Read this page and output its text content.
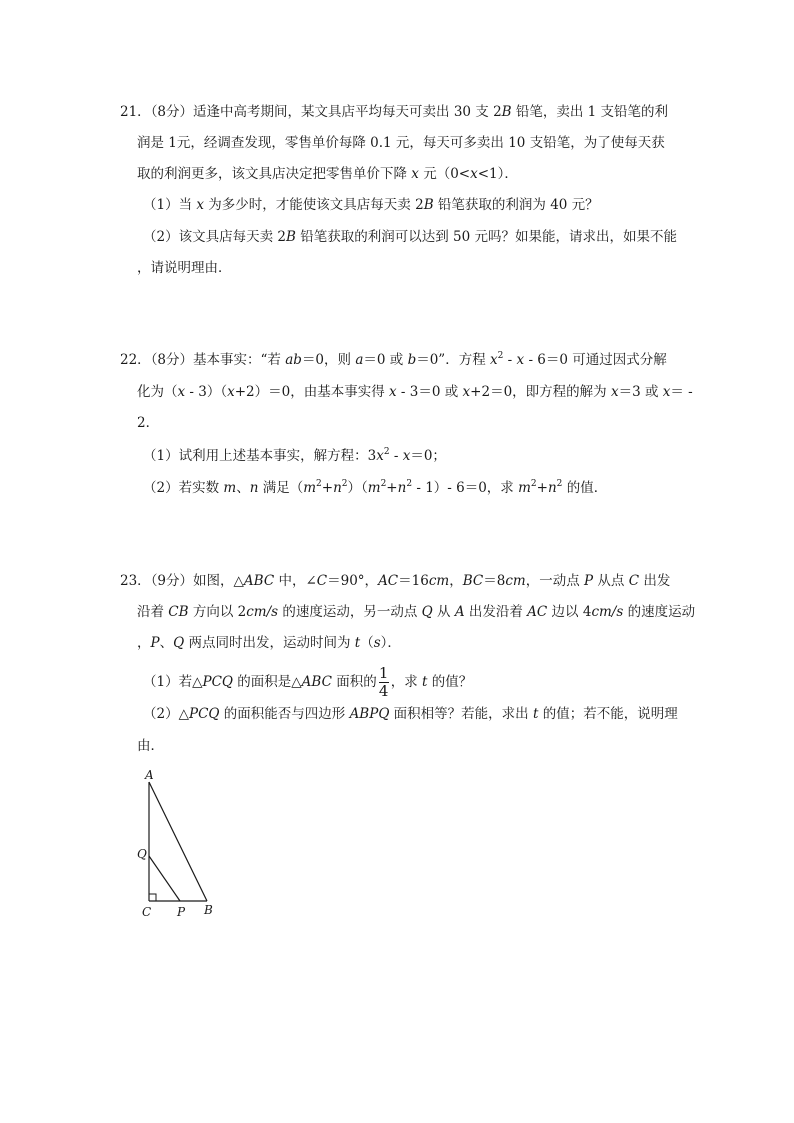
21．（8分）适逢中高考期间，某文具店平均每天可卖出 30 支 2B 铅笔，卖出 1 支铅笔的利
润是 1元，经调查发现，零售单价每降 0.1 元，每天可多卖出 10 支铅笔，为了使每天获
取的利润更多，该文具店决定把零售单价下降 x 元（0<x<1）．
（1）当 x 为多少时，才能使该文具店每天卖 2B 铅笔获取的利润为 40 元？
（2）该文具店每天卖 2B 铅笔获取的利润可以达到 50 元吗？如果能，请求出，如果不能
，请说明理由．
22．（8分）基本事实：“若 ab＝0，则 a＝0 或 b＝0”．方程 $x^2 - x - 6=0$ 可通过因式分解
化为（x - 3）（x+2）＝0，由基本事实得 x - 3＝0 或 x+2＝0，即方程的解为 x＝3 或 x＝ -
2．
（1）试利用上述基本事实，解方程：$3x^2 - x=0$；
（2）若实数 m、n 满足$(m^2+n^2)(m^2+n^2 - 1)-$ 6＝0，求 $m^2+n^2$ 的值．
23．（9分）如图，△ABC 中，∠C＝90°，AC＝16cm，BC＝8cm，一动点 P 从点 C 出发
沿着 CB 方向以 2cm/s 的速度运动，另一动点 Q 从 A 出发沿着 AC 边以 4cm/s 的速度运动
，P、Q 两点同时出发，运动时间为 t（s）．
（1）若△PCQ 的面积是△ABC 面积的 $\frac{1}{4}$ ，求 t 的值？
（2）△PCQ 的面积能否与四边形 ABPQ 面积相等？若能，求出 t 的值；若不能，说明理
由．
A
Q
C P B
